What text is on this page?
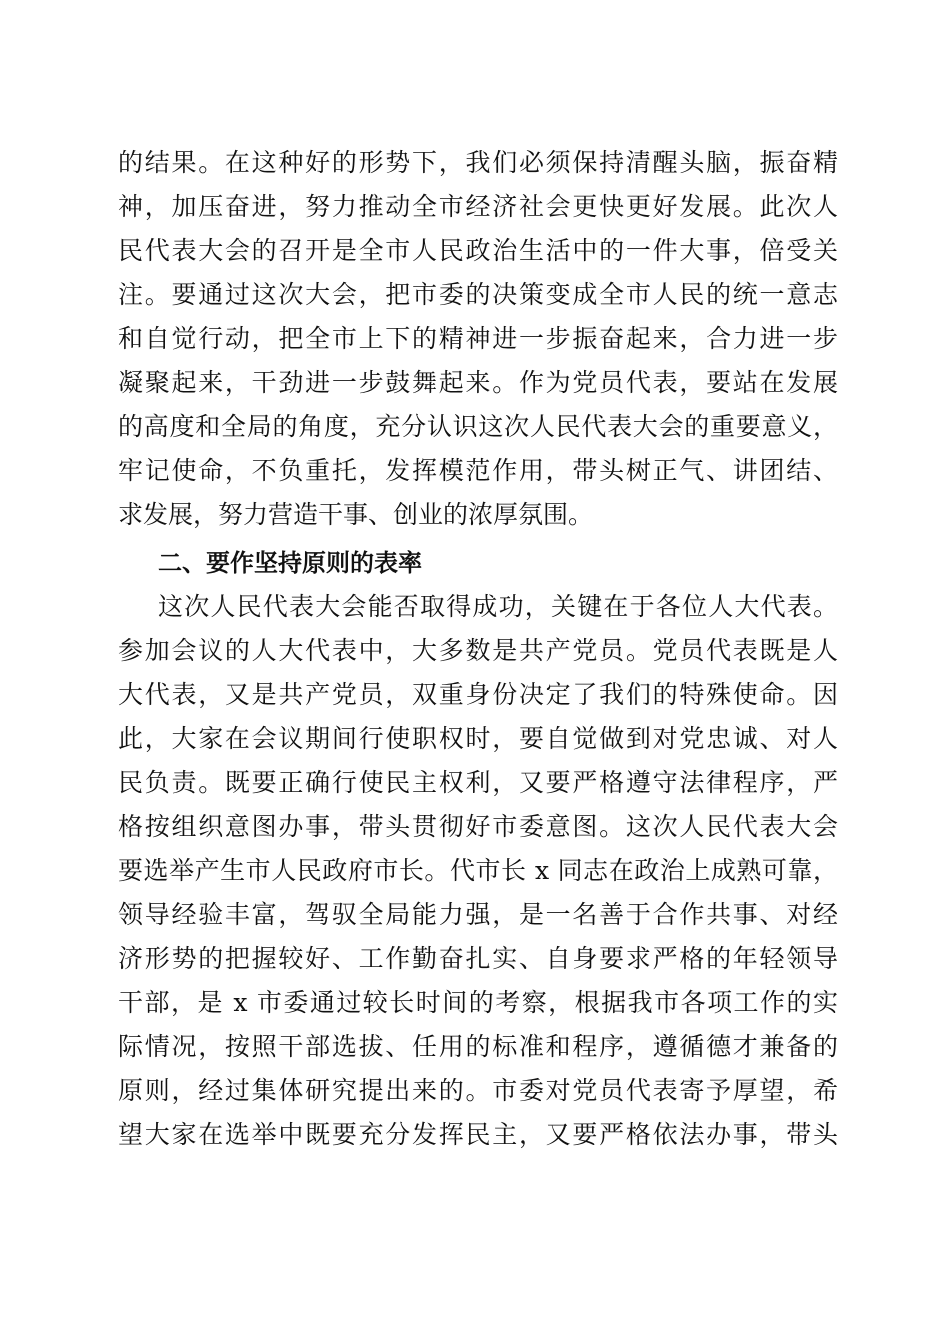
的结果。在这种好的形势下，我们必须保持清醒头脑，振奋精
神，加压奋进，努力推动全市经济社会更快更好发展。此次人
民代表大会的召开是全市人民政治生活中的一件大事，倍受关
注。要通过这次大会，把市委的决策变成全市人民的统一意志
和自觉行动，把全市上下的精神进一步振奋起来，合力进一步
凝聚起来，干劲进一步鼓舞起来。作为党员代表，要站在发展
的高度和全局的角度，充分认识这次人民代表大会的重要意义，
牢记使命，不负重托，发挥模范作用，带头树正气、讲团结、
求发展，努力营造干事、创业的浓厚氛围。
二、要作坚持原则的表率
这次人民代表大会能否取得成功，关键在于各位人大代表。
参加会议的人大代表中，大多数是共产党员。党员代表既是人
大代表，又是共产党员，双重身份决定了我们的特殊使命。因
此，大家在会议期间行使职权时，要自觉做到对党忠诚、对人
民负责。既要正确行使民主权利，又要严格遵守法律程序，严
格按组织意图办事，带头贯彻好市委意图。这次人民代表大会
要选举产生市人民政府市长。代市长 x 同志在政治上成熟可靠，
领导经验丰富，驾驭全局能力强，是一名善于合作共事、对经
济形势的把握较好、工作勤奋扎实、自身要求严格的年轻领导
干部，是 x 市委通过较长时间的考察，根据我市各项工作的实
际情况，按照干部选拔、任用的标准和程序，遵循德才兼备的
原则，经过集体研究提出来的。市委对党员代表寄予厚望，希
望大家在选举中既要充分发挥民主，又要严格依法办事，带头
